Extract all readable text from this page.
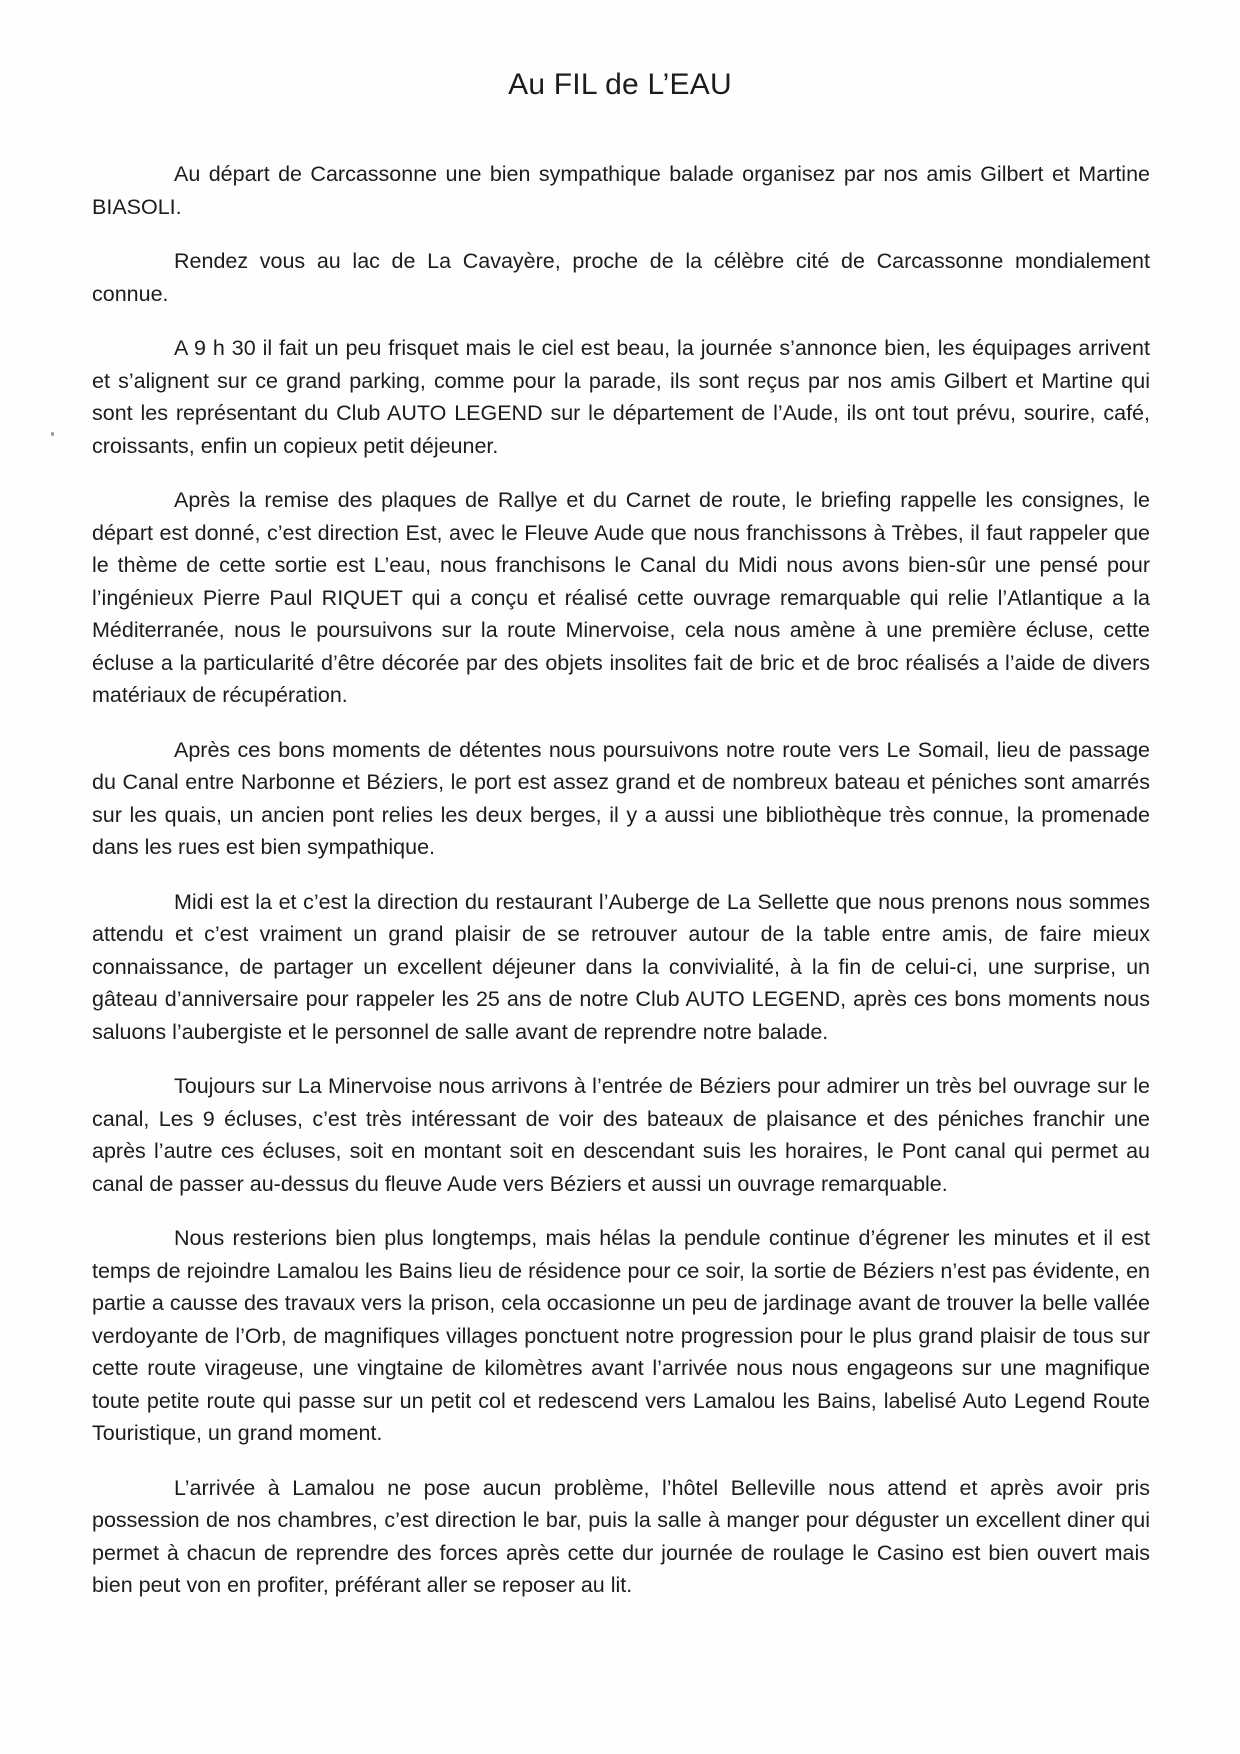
Au FIL de L’EAU

Au départ de Carcassonne une bien sympathique balade organisez par nos amis Gilbert et Martine BIASOLI.

Rendez vous au lac de La Cavayère, proche de la célèbre cité de Carcassonne mondialement connue.

A 9 h 30 il fait un peu frisquet mais le ciel est beau, la journée s’annonce bien, les équipages arrivent et s’alignent sur ce grand parking, comme pour la parade, ils sont reçus par nos amis Gilbert et Martine qui sont les représentant du Club AUTO LEGEND sur le département de l’Aude, ils ont tout prévu, sourire, café, croissants, enfin un copieux petit déjeuner.

Après la remise des plaques de Rallye et du Carnet de route, le briefing rappelle les consignes, le départ est donné, c’est direction Est, avec le Fleuve Aude que nous franchissons à Trèbes, il faut rappeler que le thème de cette sortie est L’eau, nous franchisons le Canal du Midi nous avons bien-sûr une pensé pour l’ingénieux Pierre Paul RIQUET qui a conçu et réalisé cette ouvrage remarquable qui relie l’Atlantique a la Méditerranée, nous le poursuivons sur la route Minervoise, cela nous amène à une première écluse, cette écluse a la particularité d’être décorée par des objets insolites fait de bric et de broc réalisés a l’aide de divers matériaux de récupération.

Après ces bons moments de détentes nous poursuivons notre route vers Le Somail, lieu de passage du Canal entre Narbonne et Béziers, le port est assez grand et de nombreux bateau et péniches sont amarrés sur les quais, un ancien pont relies les deux berges, il y a aussi une bibliothèque très connue, la promenade dans les rues est bien sympathique.

Midi est la et c’est la direction du restaurant l’Auberge de La Sellette que nous prenons nous sommes attendu et c’est vraiment un grand plaisir de se retrouver autour de la table entre amis, de faire mieux connaissance, de partager un excellent déjeuner dans la convivialité, à la fin de celui-ci, une surprise, un gâteau d’anniversaire pour rappeler les 25 ans de notre Club AUTO LEGEND, après ces bons moments nous saluons l’aubergiste et le personnel de salle avant de reprendre notre balade.

Toujours sur La Minervoise nous arrivons à l’entrée de Béziers pour admirer un très bel ouvrage sur le canal, Les 9 écluses, c’est très intéressant de voir des bateaux de plaisance et des péniches franchir une après l’autre ces écluses, soit en montant soit en descendant suis les horaires, le Pont canal qui permet au canal de passer au-dessus du fleuve Aude vers Béziers et aussi un ouvrage remarquable.

Nous resterions bien plus longtemps, mais hélas la pendule continue d’égrener les minutes et il est temps de rejoindre Lamalou les Bains lieu de résidence pour ce soir, la sortie de Béziers n’est pas évidente, en partie a causse des travaux vers la prison, cela occasionne un peu de jardinage avant de trouver la belle vallée verdoyante de l’Orb, de magnifiques villages ponctuent notre progression pour le plus grand plaisir de tous sur cette route virageuse, une vingtaine de kilomètres avant l’arrivée nous nous engageons sur une magnifique toute petite route qui passe sur un petit col et redescend vers Lamalou les Bains, labelisé Auto Legend Route Touristique, un grand moment.

L’arrivée à Lamalou ne pose aucun problème, l’hôtel Belleville nous attend et après avoir pris possession de nos chambres, c’est direction le bar, puis la salle à manger pour déguster un excellent diner qui permet à chacun de reprendre des forces après cette dur journée de roulage le Casino est bien ouvert mais bien peut von en profiter, préférant aller se reposer au lit.
